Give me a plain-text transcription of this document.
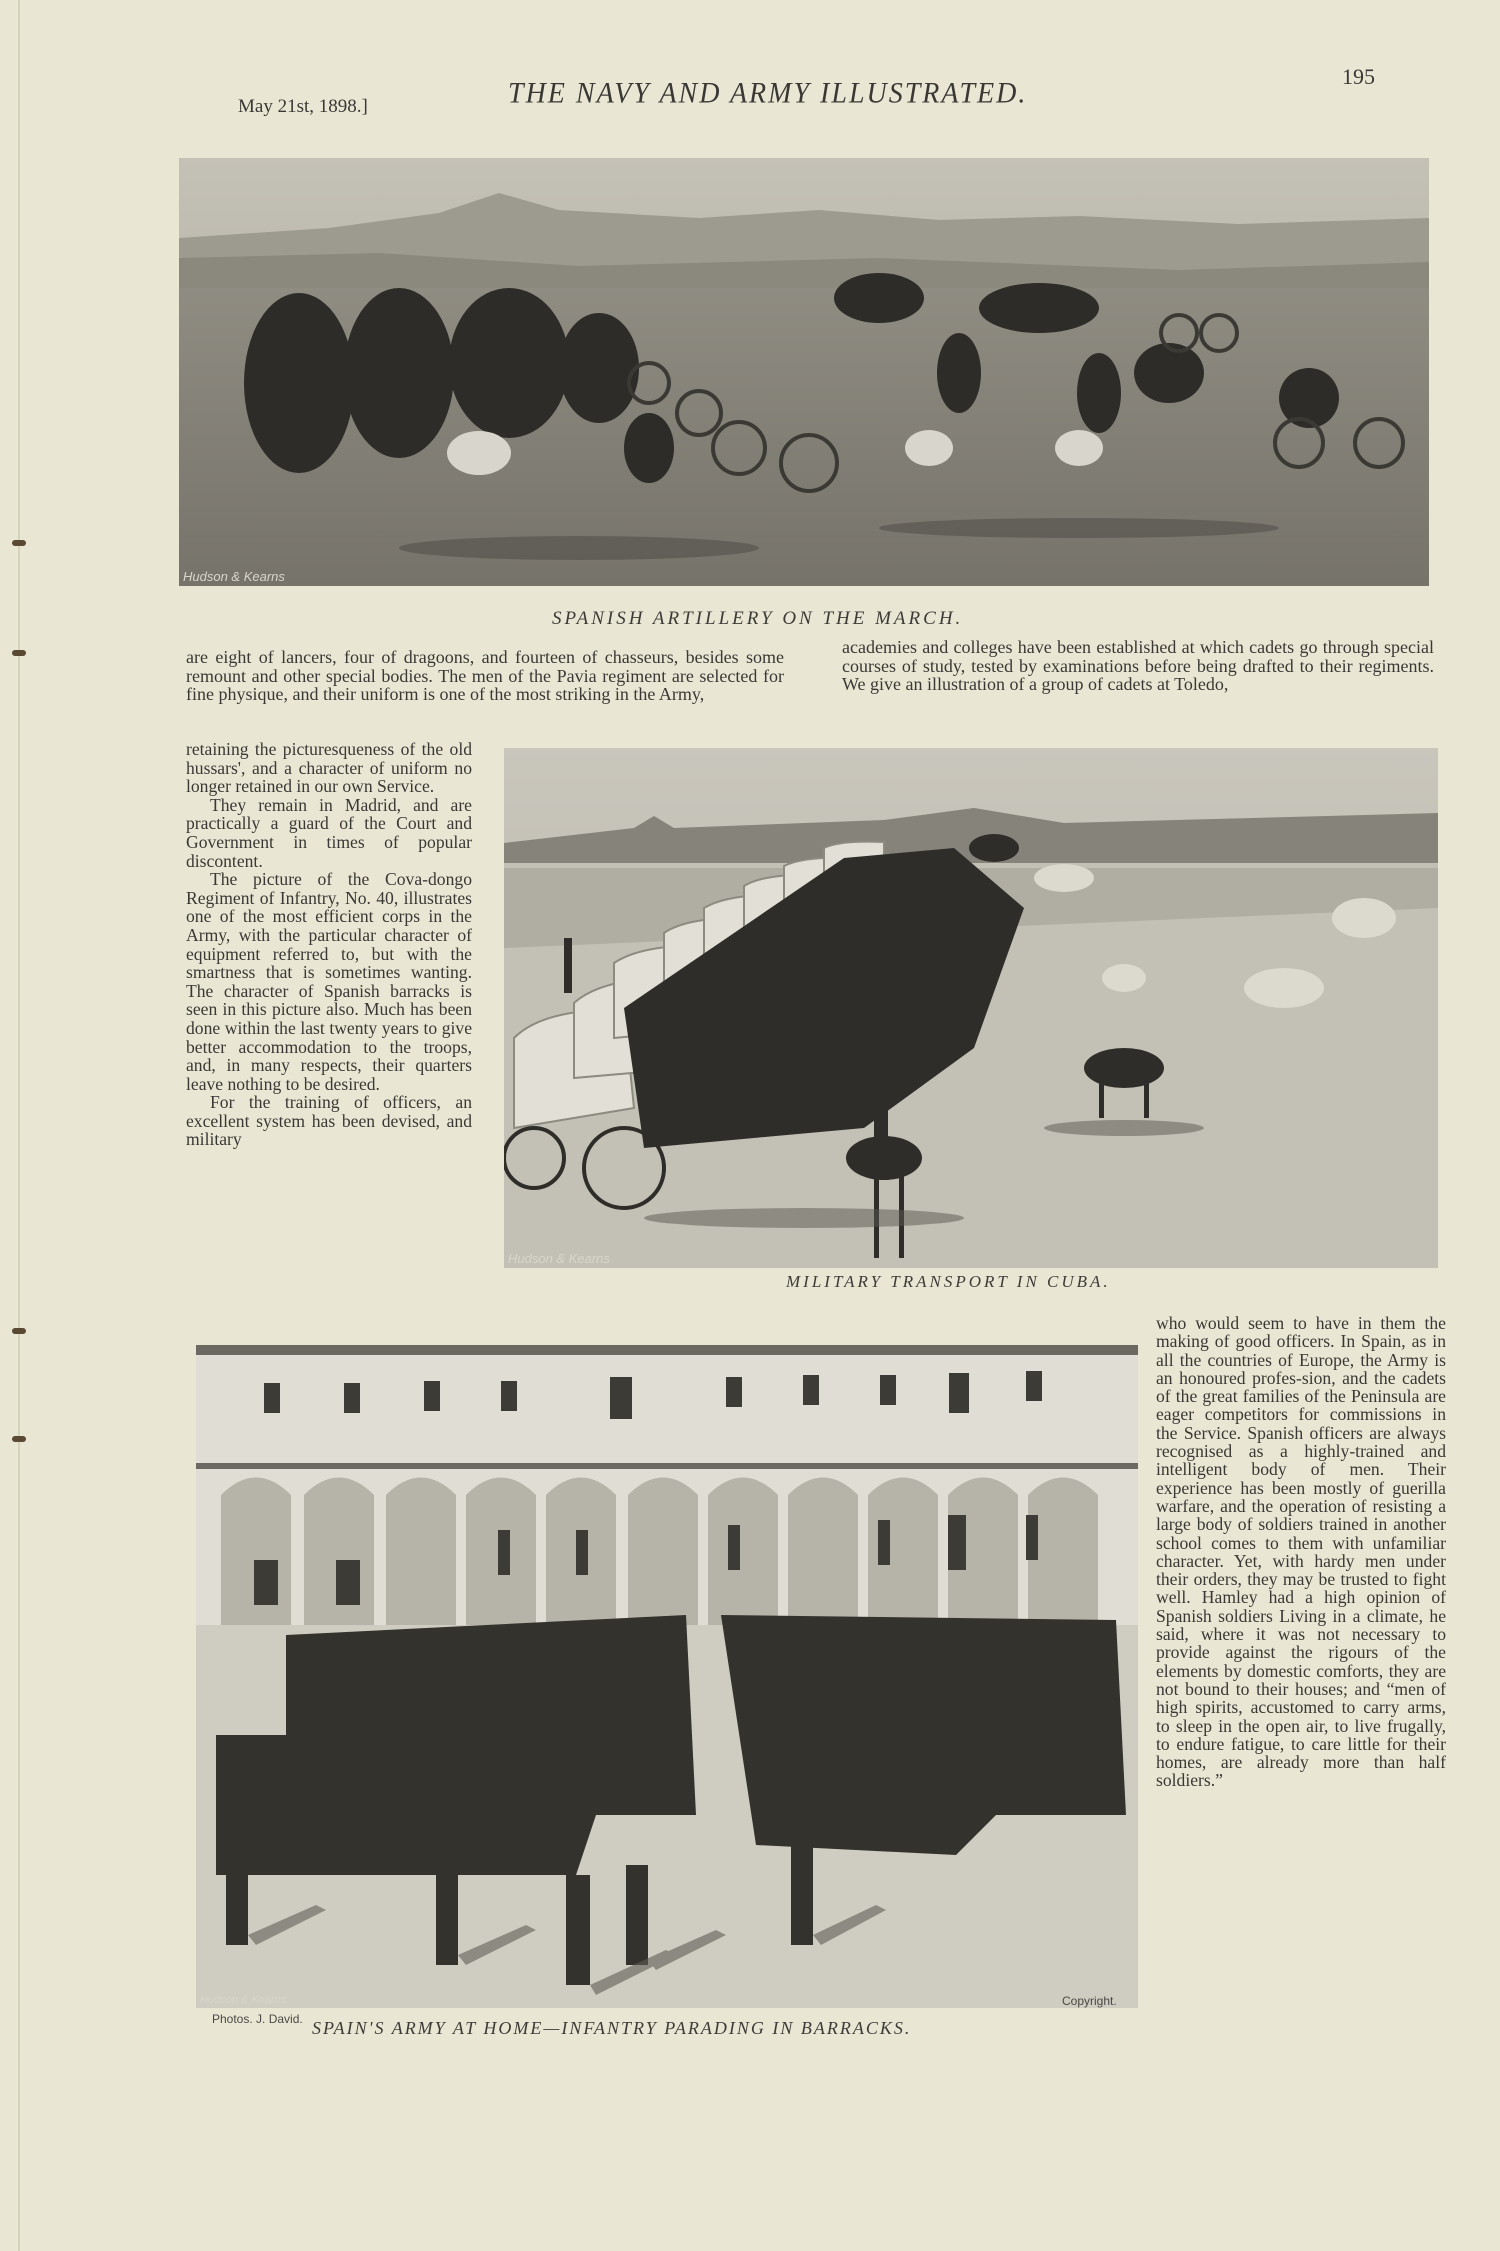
May 21st, 1898.]	THE NAVY AND ARMY ILLUSTRATED.
195
Hudson & Kearns
SPANISH ARTILLERY ON THE MARCH.

are eight of lancers, four of dragoons, and fourteen of chasseurs, besides some remount and other special bodies. The men of the Pavia regiment are selected for fine physique, and their uniform is one of the most striking in the Army,

academies and colleges have been established at which cadets go through special courses of study, tested by examinations before being drafted to their regiments. We give an illustration of a group of cadets at Toledo,

retaining the picturesqueness of the old hussars', and a character of uniform no longer retained in our own Service.

They remain in Madrid, and are practically a guard of the Court and Government in times of popular discontent.

The picture of the Cova-dongo Regiment of Infantry, No. 40, illustrates one of the most efficient corps in the Army, with the particular character of equipment referred to, but with the smartness that is sometimes wanting. The character of Spanish barracks is seen in this picture also. Much has been done within the last twenty years to give better accommodation to the troops, and, in many respects, their quarters leave nothing to be desired.

For the training of officers, an excellent system has been devised, and military

Hudson & Kearns
MILITARY TRANSPORT IN CUBA.
Hudson & Kearns	Copyright.
Photos. J. David. SPAIN'S ARMY AT HOME—INFANTRY PARADING IN BARRACKS.

who would seem to have in them the making of good officers. In Spain, as in all the countries of Europe, the Army is an honoured profes-sion, and the cadets of the great families of the Peninsula are eager competitors for commissions in the Service. Spanish officers are always recognised as a highly-trained and intelligent body of men. Their experience has been mostly of guerilla warfare, and the operation of resisting a large body of soldiers trained in another school comes to them with unfamiliar character. Yet, with hardy men under their orders, they may be trusted to fight well. Hamley had a high opinion of Spanish soldiers Living in a climate, he said, where it was not necessary to provide against the rigours of the elements by domestic comforts, they are not bound to their houses; and “men of high spirits, accustomed to carry arms, to sleep in the open air, to live frugally, to endure fatigue, to care little for their homes, are already more than half soldiers.”
